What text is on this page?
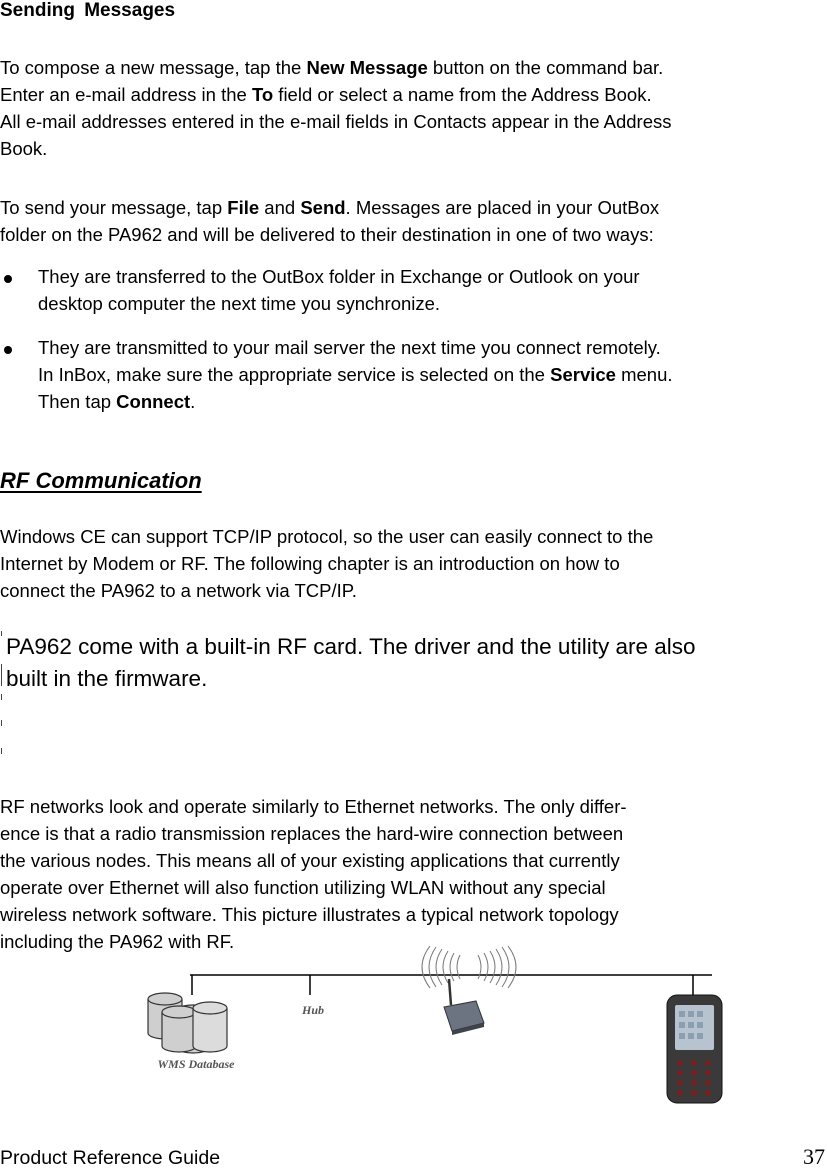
Sending Messages

To compose a new message, tap the New Message button on the command bar.
Enter an e-mail address in the To field or select a name from the Address Book.
All e-mail addresses entered in the e-mail fields in Contacts appear in the Address
Book.

To send your message, tap File and Send. Messages are placed in your OutBox
folder on the PA962 and will be delivered to their destination in one of two ways:

They are transferred to the OutBox folder in Exchange or Outlook on your
desktop computer the next time you synchronize.
They are transmitted to your mail server the next time you connect remotely.
In InBox, make sure the appropriate service is selected on the Service menu.
Then tap Connect.
RF Communication

Windows CE can support TCP/IP protocol, so the user can easily connect to the
Internet by Modem or RF. The following chapter is an introduction on how to
connect the PA962 to a network via TCP/IP.

PA962 come with a built-in RF card. The driver and the utility are also
built in the firmware.

RF networks look and operate similarly to Ethernet networks. The only differ-
ence is that a radio transmission replaces the hard-wire connection between
the various nodes. This means all of your existing applications that currently
operate over Ethernet will also function utilizing WLAN without any special
wireless network software. This picture illustrates a typical network topology
including the PA962 with RF.

WMS Database
Hub

Product Reference Guide	37
